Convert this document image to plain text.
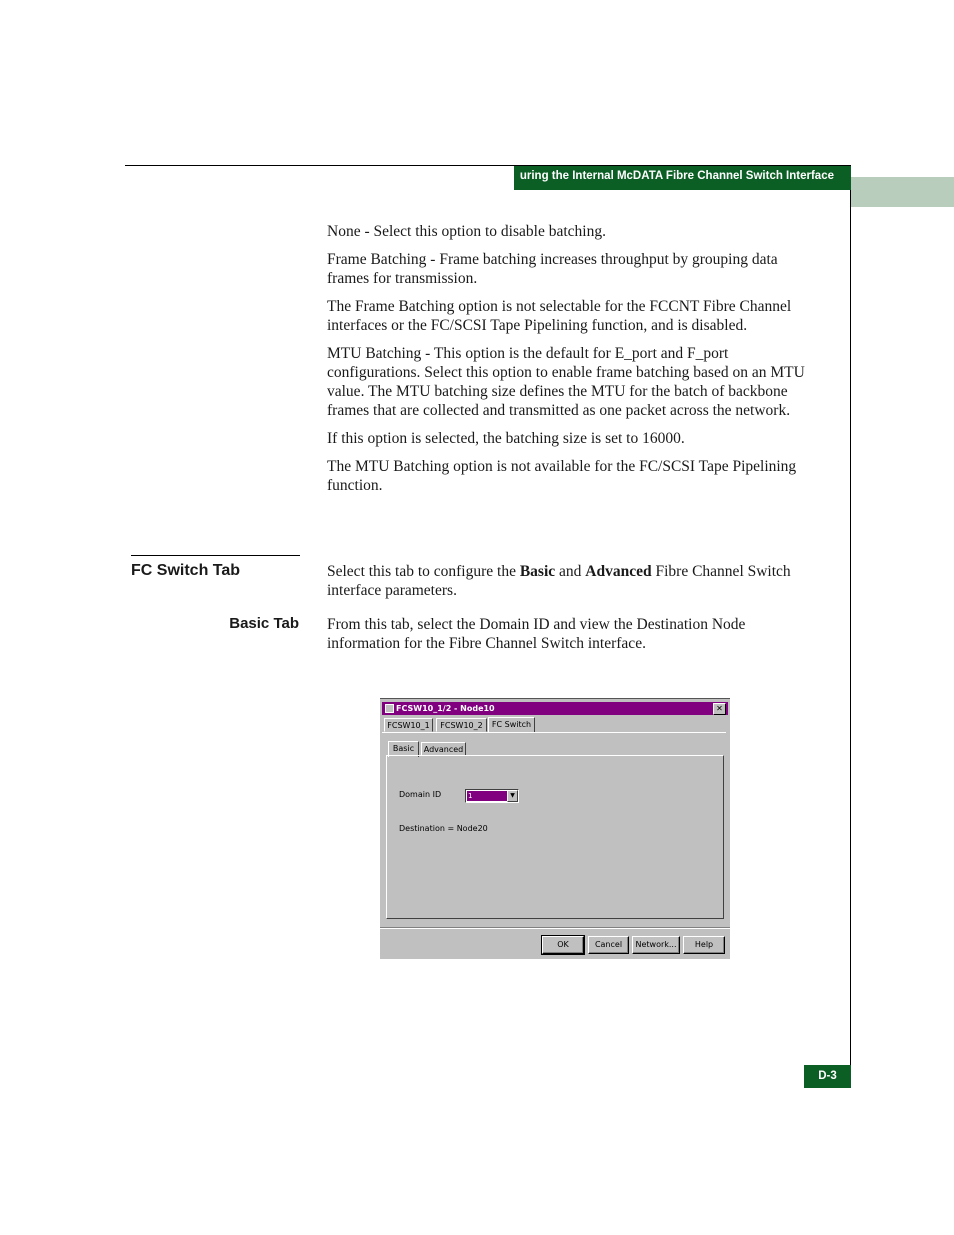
uring the Internal McDATA Fibre Channel Switch Interface

None - Select this option to disable batching.

Frame Batching - Frame batching increases throughput by grouping data frames for transmission.

The Frame Batching option is not selectable for the FCCNT Fibre Channel interfaces or the FC/SCSI Tape Pipelining function, and is disabled.

MTU Batching - This option is the default for E_port and F_port configurations. Select this option to enable frame batching based on an MTU value. The MTU batching size defines the MTU for the batch of backbone frames that are collected and transmitted as one packet across the network.

If this option is selected, the batching size is set to 16000.

The MTU Batching option is not available for the FC/SCSI Tape Pipelining function.

FC Switch Tab	Select this tab to configure the Basic and Advanced Fibre Channel Switch interface parameters.

Basic Tab From this tab, select the Domain ID and view the Destination Node information for the Fibre Channel Switch interface.

FCSW10_1/2 - Node10	✕
FCSW10_1	FCSW10_2	FC Switch
Basic	Advanced
Domain ID	1	▼
Destination = Node20
OK	Cancel	Network...	Help
D-3
